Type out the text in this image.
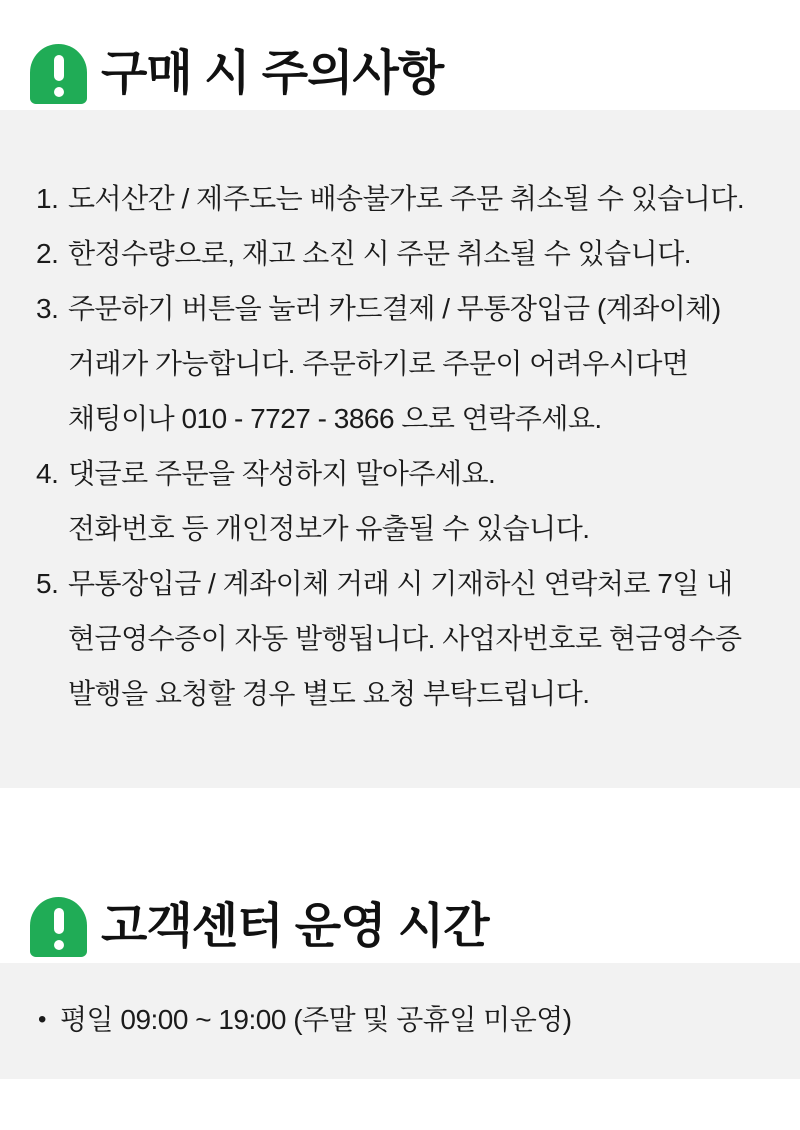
구매 시 주의사항
1. 도서산간 / 제주도는 배송불가로 주문 취소될 수 있습니다.
2. 한정수량으로, 재고 소진 시 주문 취소될 수 있습니다.
3. 주문하기 버튼을 눌러 카드결제 / 무통장입금 (계좌이체)
거래가 가능합니다. 주문하기로 주문이 어려우시다면
채팅이나 010 - 7727 - 3866 으로 연락주세요.
4. 댓글로 주문을 작성하지 말아주세요.
전화번호 등 개인정보가 유출될 수 있습니다.
5. 무통장입금 / 계좌이체 거래 시 기재하신 연락처로 7일 내
현금영수증이 자동 발행됩니다. 사업자번호로 현금영수증
발행을 요청할 경우 별도 요청 부탁드립니다.
고객센터 운영 시간
• 평일 09:00 ~ 19:00 (주말 및 공휴일 미운영)
